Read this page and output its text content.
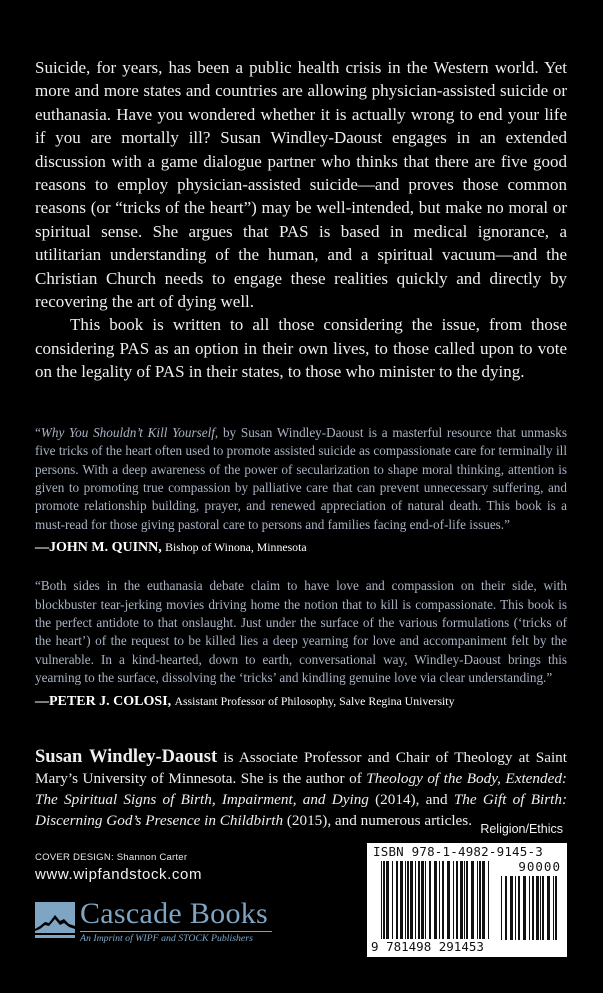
Suicide, for years, has been a public health crisis in the Western world. Yet more and more states and countries are allowing physician-assisted suicide or euthanasia. Have you wondered whether it is actually wrong to end your life if you are mortally ill? Susan Windley-Daoust engages in an extended discussion with a game dialogue partner who thinks that there are five good reasons to employ physician-assisted suicide—and proves those common reasons (or “tricks of the heart”) may be well-intended, but make no moral or spiritual sense. She argues that PAS is based in medical ignorance, a utilitarian understanding of the human, and a spiritual vacuum—and the Christian Church needs to engage these realities quickly and directly by recovering the art of dying well.

This book is written to all those considering the issue, from those considering PAS as an option in their own lives, to those called upon to vote on the legality of PAS in their states, to those who minister to the dying.

“Why You Shouldn’t Kill Yourself, by Susan Windley-Daoust is a masterful resource that unmasks five tricks of the heart often used to promote assisted suicide as compassionate care for terminally ill persons. With a deep awareness of the power of secularization to shape moral thinking, attention is given to promoting true compassion by palliative care that can prevent unnecessary suffering, and promote relationship building, prayer, and renewed appreciation of natural death. This book is a must-read for those giving pastoral care to persons and families facing end-of-life issues.”

—JOHN M. QUINN, Bishop of Winona, Minnesota

“Both sides in the euthanasia debate claim to have love and compassion on their side, with blockbuster tear-jerking movies driving home the notion that to kill is compassionate. This book is the perfect antidote to that onslaught. Just under the surface of the various formulations (‘tricks of the heart’) of the request to be killed lies a deep yearning for love and accompaniment felt by the vulnerable. In a kind-hearted, down to earth, conversational way, Windley-Daoust brings this yearning to the surface, dissolving the ‘tricks’ and kindling genuine love via clear understanding.”

—PETER J. COLOSI, Assistant Professor of Philosophy, Salve Regina University

Susan Windley-Daoust is Associate Professor and Chair of Theology at Saint Mary’s University of Minnesota. She is the author of Theology of the Body, Extended: The Spiritual Signs of Birth, Impairment, and Dying (2014), and The Gift of Birth: Discerning God’s Presence in Childbirth (2015), and numerous articles.
Religion/Ethics
COVER DESIGN: Shannon Carter
www.wipfandstock.com
Cascade Books
An Imprint of WIPF and STOCK Publishers
ISBN 978-1-4982-9145-3
90000
9 781498 291453
